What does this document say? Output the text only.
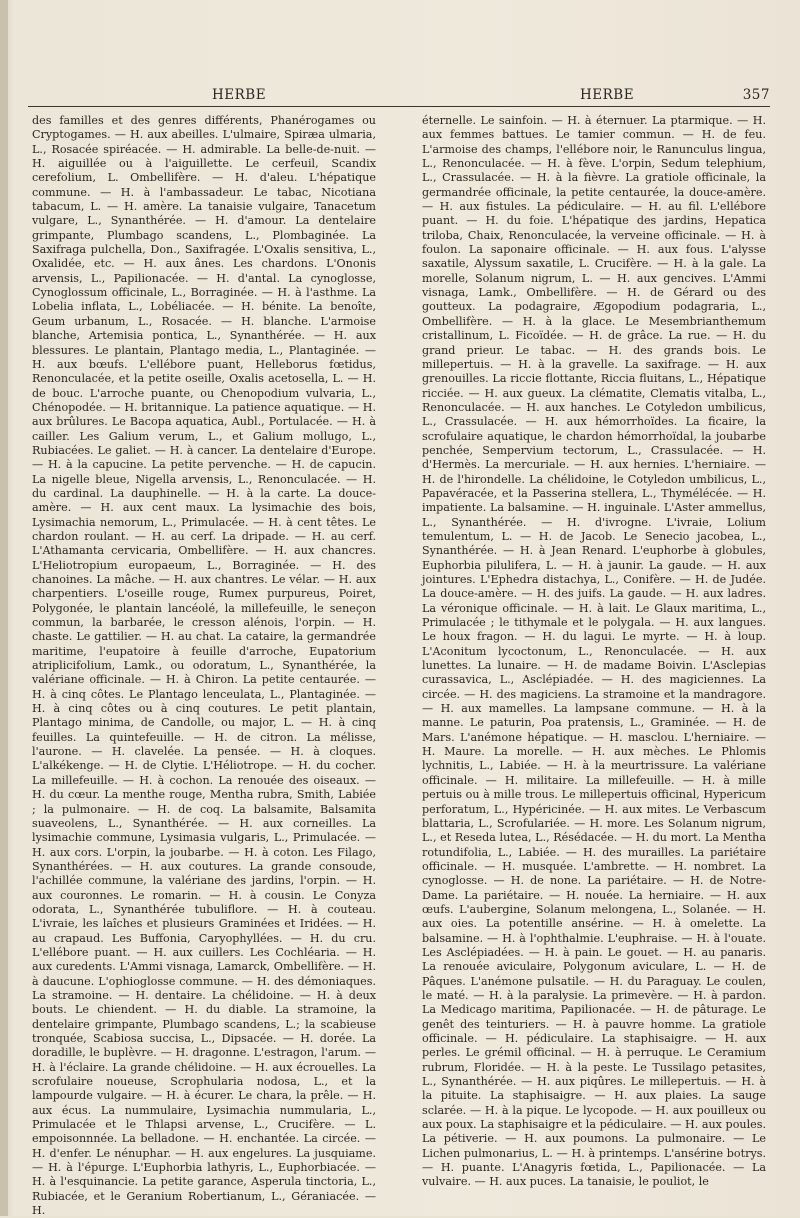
HERBE	HERBE	357

des familles et des genres différents, Phanérogames ou Cryptogames. — H. aux abeilles. L'ulmaire, Spiræa ulmaria, L., Rosacée spiréacée. — H. admirable. La belle-de-nuit. — H. aiguillée ou à l'aiguillette. Le cerfeuil, Scandix cerefolium, L. Ombellifère. — H. d'aleu. L'hépatique commune. — H. à l'ambassadeur. Le tabac, Nicotiana tabacum, L. — H. amère. La tanaisie vulgaire, Tanacetum vulgare, L., Synanthérée. — H. d'amour. La dentelaire grimpante, Plumbago scandens, L., Plombaginée. La Saxifraga pulchella, Don., Saxifragée. L'Oxalis sensitiva, L., Oxalidée, etc. — H. aux ânes. Les chardons. L'Ononis arvensis, L., Papilionacée. — H. d'antal. La cynoglosse, Cynoglossum officinale, L., Borraginée. — H. à l'asthme. La Lobelia inflata, L., Lobéliacée. — H. bénite. La benoîte, Geum urbanum, L., Rosacée. — H. blanche. L'armoise blanche, Artemisia pontica, L., Synanthérée. — H. aux blessures. Le plantain, Plantago media, L., Plantaginée. — H. aux bœufs. L'ellébore puant, Helleborus fœtidus, Renonculacée, et la petite oseille, Oxalis acetosella, L. — H. de bouc. L'arroche puante, ou Chenopodium vulvaria, L., Chénopodée. — H. britannique. La patience aquatique. — H. aux brûlures. Le Bacopa aquatica, Aubl., Portulacée. — H. à cailler. Les Galium verum, L., et Galium mollugo, L., Rubiacées. Le galiet. — H. à cancer. La dentelaire d'Europe. — H. à la capucine. La petite pervenche. — H. de capucin. La nigelle bleue, Nigella arvensis, L., Renonculacée. — H. du cardinal. La dauphinelle. — H. à la carte. La douce-amère. — H. aux cent maux. La lysimachie des bois, Lysimachia nemorum, L., Primulacée. — H. à cent têtes. Le chardon roulant. — H. au cerf. La dripade. — H. au cerf. L'Athamanta cervicaria, Ombellifère. — H. aux chancres. L'Heliotropium europaeum, L., Borraginée. — H. des chanoines. La mâche. — H. aux chantres. Le vélar. — H. aux charpentiers. L'oseille rouge, Rumex purpureus, Poiret, Polygonée, le plantain lancéolé, la millefeuille, le seneçon commun, la barbarée, le cresson alénois, l'orpin. — H. chaste. Le gattilier. — H. au chat. La cataire, la germandrée maritime, l'eupatoire à feuille d'arroche, Eupatorium atriplicifolium, Lamk., ou odoratum, L., Synanthérée, la valériane officinale. — H. à Chiron. La petite centaurée. — H. à cinq côtes. Le Plantago lenceulata, L., Plantaginée. — H. à cinq côtes ou à cinq coutures. Le petit plantain, Plantago minima, de Candolle, ou major, L. — H. à cinq feuilles. La quintefeuille. — H. de citron. La mélisse, l'aurone. — H. clavelée. La pensée. — H. à cloques. L'alkékenge. — H. de Clytie. L'Héliotrope. — H. du cocher. La millefeuille. — H. à cochon. La renouée des oiseaux. — H. du cœur. La menthe rouge, Mentha rubra, Smith, Labiée ; la pulmonaire. — H. de coq. La balsamite, Balsamita suaveolens, L., Synanthérée. — H. aux corneilles. La lysimachie commune, Lysimasia vulgaris, L., Primulacée. — H. aux cors. L'orpin, la joubarbe. — H. à coton. Les Filago, Synanthérées. — H. aux coutures. La grande consoude, l'achillée commune, la valériane des jardins, l'orpin. — H. aux couronnes. Le romarin. — H. à cousin. Le Conyza odorata, L., Synanthérée tubuliflore. — H. à couteau. L'ivraie, les laîches et plusieurs Graminées et Iridées. — H. au crapaud. Les Buffonia, Caryophyllées. — H. du cru. L'ellébore puant. — H. aux cuillers. Les Cochléaria. — H. aux curedents. L'Ammi visnaga, Lamarck, Ombellifère. — H. à daucune. L'ophioglosse commune. — H. des démoniaques. La stramoine. — H. dentaire. La chélidoine. — H. à deux bouts. Le chiendent. — H. du diable. La stramoine, la dentelaire grimpante, Plumbago scandens, L.; la scabieuse tronquée, Scabiosa succisa, L., Dipsacée. — H. dorée. La doradille, le buplèvre. — H. dragonne. L'estragon, l'arum. — H. à l'éclaire. La grande chélidoine. — H. aux écrouelles. La scrofulaire noueuse, Scrophularia nodosa, L., et la lampourde vulgaire. — H. à écurer. Le chara, la prêle. — H. aux écus. La nummulaire, Lysimachia nummularia, L., Primulacée et le Thlapsi arvense, L., Crucifère. — L. empoisonnnée. La belladone. — H. enchantée. La circée. — H. d'enfer. Le nénuphar. — H. aux engelures. La jusquiame. — H. à l'épurge. L'Euphorbia lathyris, L., Euphorbiacée. — H. à l'esquinancie. La petite garance, Asperula tinctoria, L., Rubiacée, et le Geranium Robertianum, L., Géraniacée. — H.

éternelle. Le sainfoin. — H. à éternuer. La ptarmique. — H. aux femmes battues. Le tamier commun. — H. de feu. L'armoise des champs, l'ellébore noir, le Ranunculus lingua, L., Renonculacée. — H. à fève. L'orpin, Sedum telephium, L., Crassulacée. — H. à la fièvre. La gratiole officinale, la germandrée officinale, la petite centaurée, la douce-amère. — H. aux fistules. La pédiculaire. — H. au fil. L'ellébore puant. — H. du foie. L'hépatique des jardins, Hepatica triloba, Chaix, Renonculacée, la verveine officinale. — H. à foulon. La saponaire officinale. — H. aux fous. L'alysse saxatile, Alyssum saxatile, L. Crucifère. — H. à la gale. La morelle, Solanum nigrum, L. — H. aux gencives. L'Ammi visnaga, Lamk., Ombellifère. — H. de Gérard ou des goutteux. La podagraire, Ægopodium podagraria, L., Ombellifère. — H. à la glace. Le Mesembrianthemum cristallinum, L. Ficoïdée. — H. de grâce. La rue. — H. du grand prieur. Le tabac. — H. des grands bois. Le millepertuis. — H. à la gravelle. La saxifrage. — H. aux grenouilles. La riccie flottante, Riccia fluitans, L., Hépatique ricciée. — H. aux gueux. La clématite, Clematis vitalba, L., Renonculacée. — H. aux hanches. Le Cotyledon umbilicus, L., Crassulacée. — H. aux hémorrhoïdes. La ficaire, la scrofulaire aquatique, le chardon hémorrhoïdal, la joubarbe penchée, Sempervium tectorum, L., Crassulacée. — H. d'Hermès. La mercuriale. — H. aux hernies. L'herniaire. — H. de l'hirondelle. La chélidoine, le Cotyledon umbilicus, L., Papavéracée, et la Passerina stellera, L., Thymélécée. — H. impatiente. La balsamine. — H. inguinale. L'Aster ammellus, L., Synanthérée. — H. d'ivrogne. L'ivraie, Lolium temulentum, L. — H. de Jacob. Le Senecio jacobea, L., Synanthérée. — H. à Jean Renard. L'euphorbe à globules, Euphorbia pilulifera, L. — H. à jaunir. La gaude. — H. aux jointures. L'Ephedra distachya, L., Conifère. — H. de Judée. La douce-amère. — H. des juifs. La gaude. — H. aux ladres. La véronique officinale. — H. à lait. Le Glaux maritima, L., Primulacée ; le tithymale et le polygala. — H. aux langues. Le houx fragon. — H. du lagui. Le myrte. — H. à loup. L'Aconitum lycoctonum, L., Renonculacée. — H. aux lunettes. La lunaire. — H. de madame Boivin. L'Asclepias curassavica, L., Asclépiadée. — H. des magiciennes. La circée. — H. des magiciens. La stramoine et la mandragore. — H. aux mamelles. La lampsane commune. — H. à la manne. Le paturin, Poa pratensis, L., Graminée. — H. de Mars. L'anémone hépatique. — H. masclou. L'herniaire. — H. Maure. La morelle. — H. aux mèches. Le Phlomis lychnitis, L., Labiée. — H. à la meurtrissure. La valériane officinale. — H. militaire. La millefeuille. — H. à mille pertuis ou à mille trous. Le millepertuis officinal, Hypericum perforatum, L., Hypéricinée. — H. aux mites. Le Verbascum blattaria, L., Scrofulariée. — H. more. Les Solanum nigrum, L., et Reseda lutea, L., Résédacée. — H. du mort. La Mentha rotundifolia, L., Labiée. — H. des murailles. La pariétaire officinale. — H. musquée. L'ambrette. — H. nombret. La cynoglosse. — H. de none. La pariétaire. — H. de Notre-Dame. La pariétaire. — H. nouée. La herniaire. — H. aux œufs. L'aubergine, Solanum melongena, L., Solanée. — H. aux oies. La potentille ansérine. — H. à omelette. La balsamine. — H. à l'ophthalmie. L'euphraise. — H. à l'ouate. Les Asclépiadées. — H. à pain. Le gouet. — H. au panaris. La renouée aviculaire, Polygonum aviculare, L. — H. de Pâques. L'anémone pulsatile. — H. du Paraguay. Le coulen, le maté. — H. à la paralysie. La primevère. — H. à pardon. La Medicago maritima, Papilionacée. — H. de pâturage. Le genêt des teinturiers. — H. à pauvre homme. La gratiole officinale. — H. pédiculaire. La staphisaigre. — H. aux perles. Le grémil officinal. — H. à perruque. Le Ceramium rubrum, Floridée. — H. à la peste. Le Tussilago petasites, L., Synanthérée. — H. aux piqûres. Le millepertuis. — H. à la pituite. La staphisaigre. — H. aux plaies. La sauge sclarée. — H. à la pique. Le lycopode. — H. aux pouilleux ou aux poux. La staphisaigre et la pédiculaire. — H. aux poules. La pétiverie. — H. aux poumons. La pulmonaire. — Le Lichen pulmonarius, L. — H. à printemps. L'ansérine botrys. — H. puante. L'Anagyris fœtida, L., Papilionacée. — La vulvaire. — H. aux puces. La tanaisie, le pouliot, le
